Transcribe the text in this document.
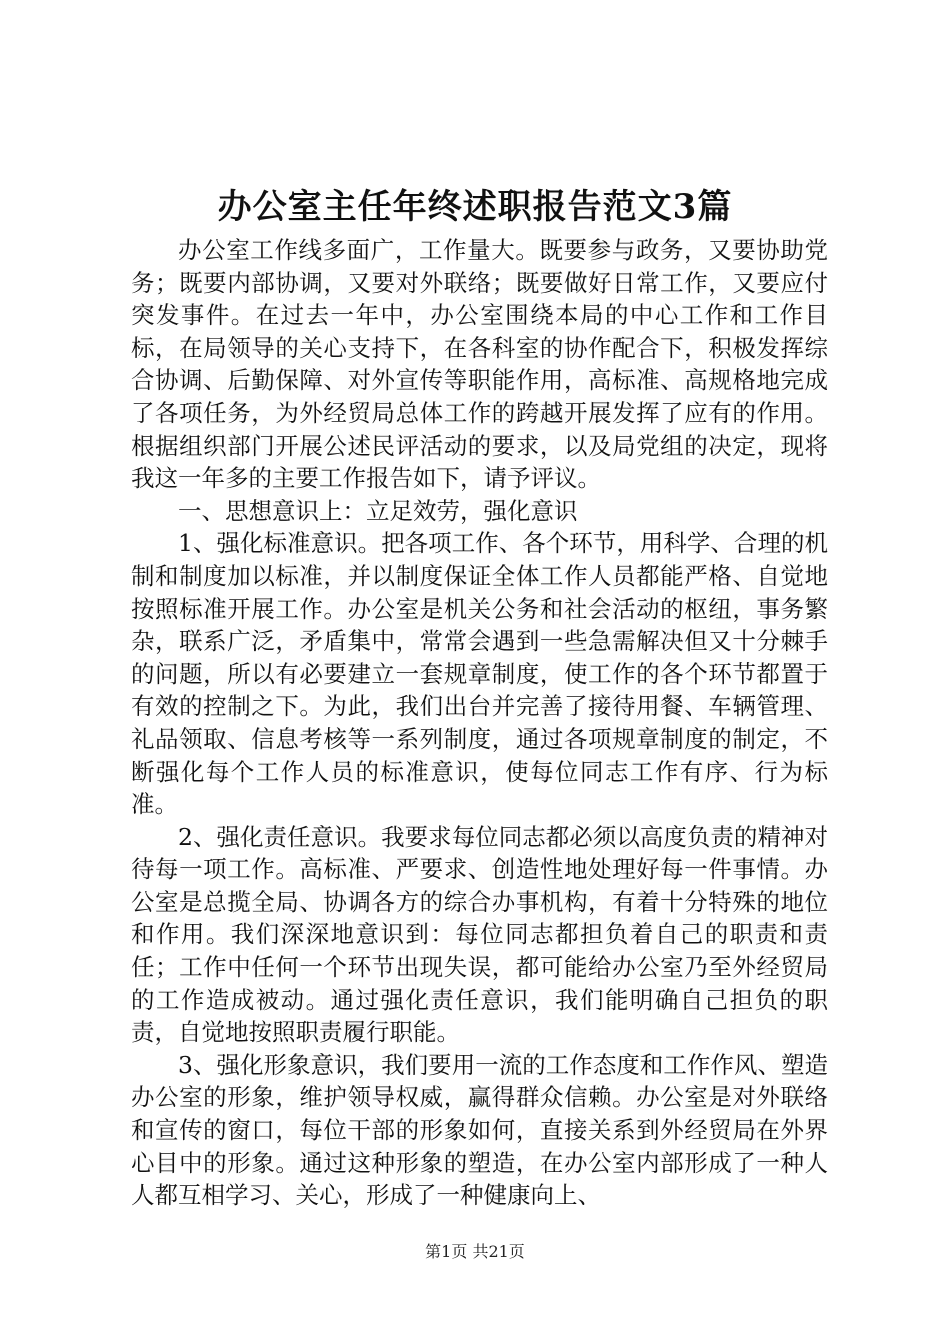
办公室主任年终述职报告范文3篇

办公室工作线多面广，工作量大。既要参与政务，又要协助党务；既要内部协调，又要对外联络；既要做好日常工作，又要应付突发事件。在过去一年中，办公室围绕本局的中心工作和工作目标，在局领导的关心支持下，在各科室的协作配合下，积极发挥综合协调、后勤保障、对外宣传等职能作用，高标准、高规格地完成了各项任务，为外经贸局总体工作的跨越开展发挥了应有的作用。根据组织部门开展公述民评活动的要求，以及局党组的决定，现将我这一年多的主要工作报告如下，请予评议。

一、思想意识上：立足效劳，强化意识

1、强化标准意识。把各项工作、各个环节，用科学、合理的机制和制度加以标准，并以制度保证全体工作人员都能严格、自觉地按照标准开展工作。办公室是机关公务和社会活动的枢纽，事务繁杂，联系广泛，矛盾集中，常常会遇到一些急需解决但又十分棘手的问题，所以有必要建立一套规章制度，使工作的各个环节都置于有效的控制之下。为此，我们出台并完善了接待用餐、车辆管理、礼品领取、信息考核等一系列制度，通过各项规章制度的制定，不断强化每个工作人员的标准意识，使每位同志工作有序、行为标准。

2、强化责任意识。我要求每位同志都必须以高度负责的精神对待每一项工作。高标准、严要求、创造性地处理好每一件事情。办公室是总揽全局、协调各方的综合办事机构，有着十分特殊的地位和作用。我们深深地意识到：每位同志都担负着自己的职责和责任；工作中任何一个环节出现失误，都可能给办公室乃至外经贸局的工作造成被动。通过强化责任意识，我们能明确自己担负的职责，自觉地按照职责履行职能。

3、强化形象意识，我们要用一流的工作态度和工作作风、塑造办公室的形象，维护领导权威，赢得群众信赖。办公室是对外联络和宣传的窗口，每位干部的形象如何，直接关系到外经贸局在外界心目中的形象。通过这种形象的塑造，在办公室内部形成了一种人人都互相学习、关心，形成了一种健康向上、

第1页 共21页
